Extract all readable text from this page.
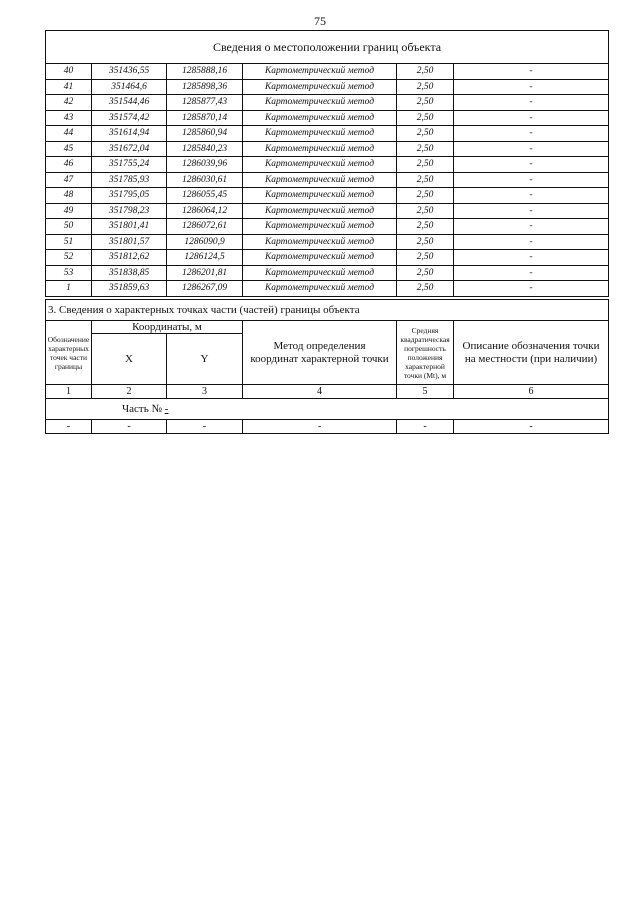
75
Сведения о местоположении границ объекта					
40	351436,55	1285888,16	Картометрический метод	2,50	-
41	351464,6	1285898,36	Картометрический метод	2,50	-
42	351544,46	1285877,43	Картометрический метод	2,50	-
43	351574,42	1285870,14	Картометрический метод	2,50	-
44	351614,94	1285860,94	Картометрический метод	2,50	-
45	351672,04	1285840,23	Картометрический метод	2,50	-
46	351755,24	1286039,96	Картометрический метод	2,50	-
47	351785,93	1286030,61	Картометрический метод	2,50	-
48	351795,05	1286055,45	Картометрический метод	2,50	-
49	351798,23	1286064,12	Картометрический метод	2,50	-
50	351801,41	1286072,61	Картометрический метод	2,50	-
51	351801,57	1286090,9	Картометрический метод	2,50	-
52	351812,62	1286124,5	Картометрический метод	2,50	-
53	351838,85	1286201,81	Картометрический метод	2,50	-
1	351859,63	1286267,09	Картометрический метод	2,50	-
3. Сведения о характерных точках части (частей) границы объекта					
Обозначение характерных точек части границы	Координаты, м		Метод определения координат характерной точки	Средняя квадратическая погрешность положения характерной точки (Мt), м	Описание обозначения точки на местности (при наличии)
	X	Y			
1	2	3	4	5	6
Часть № -					
-	-	-	-	-	-
